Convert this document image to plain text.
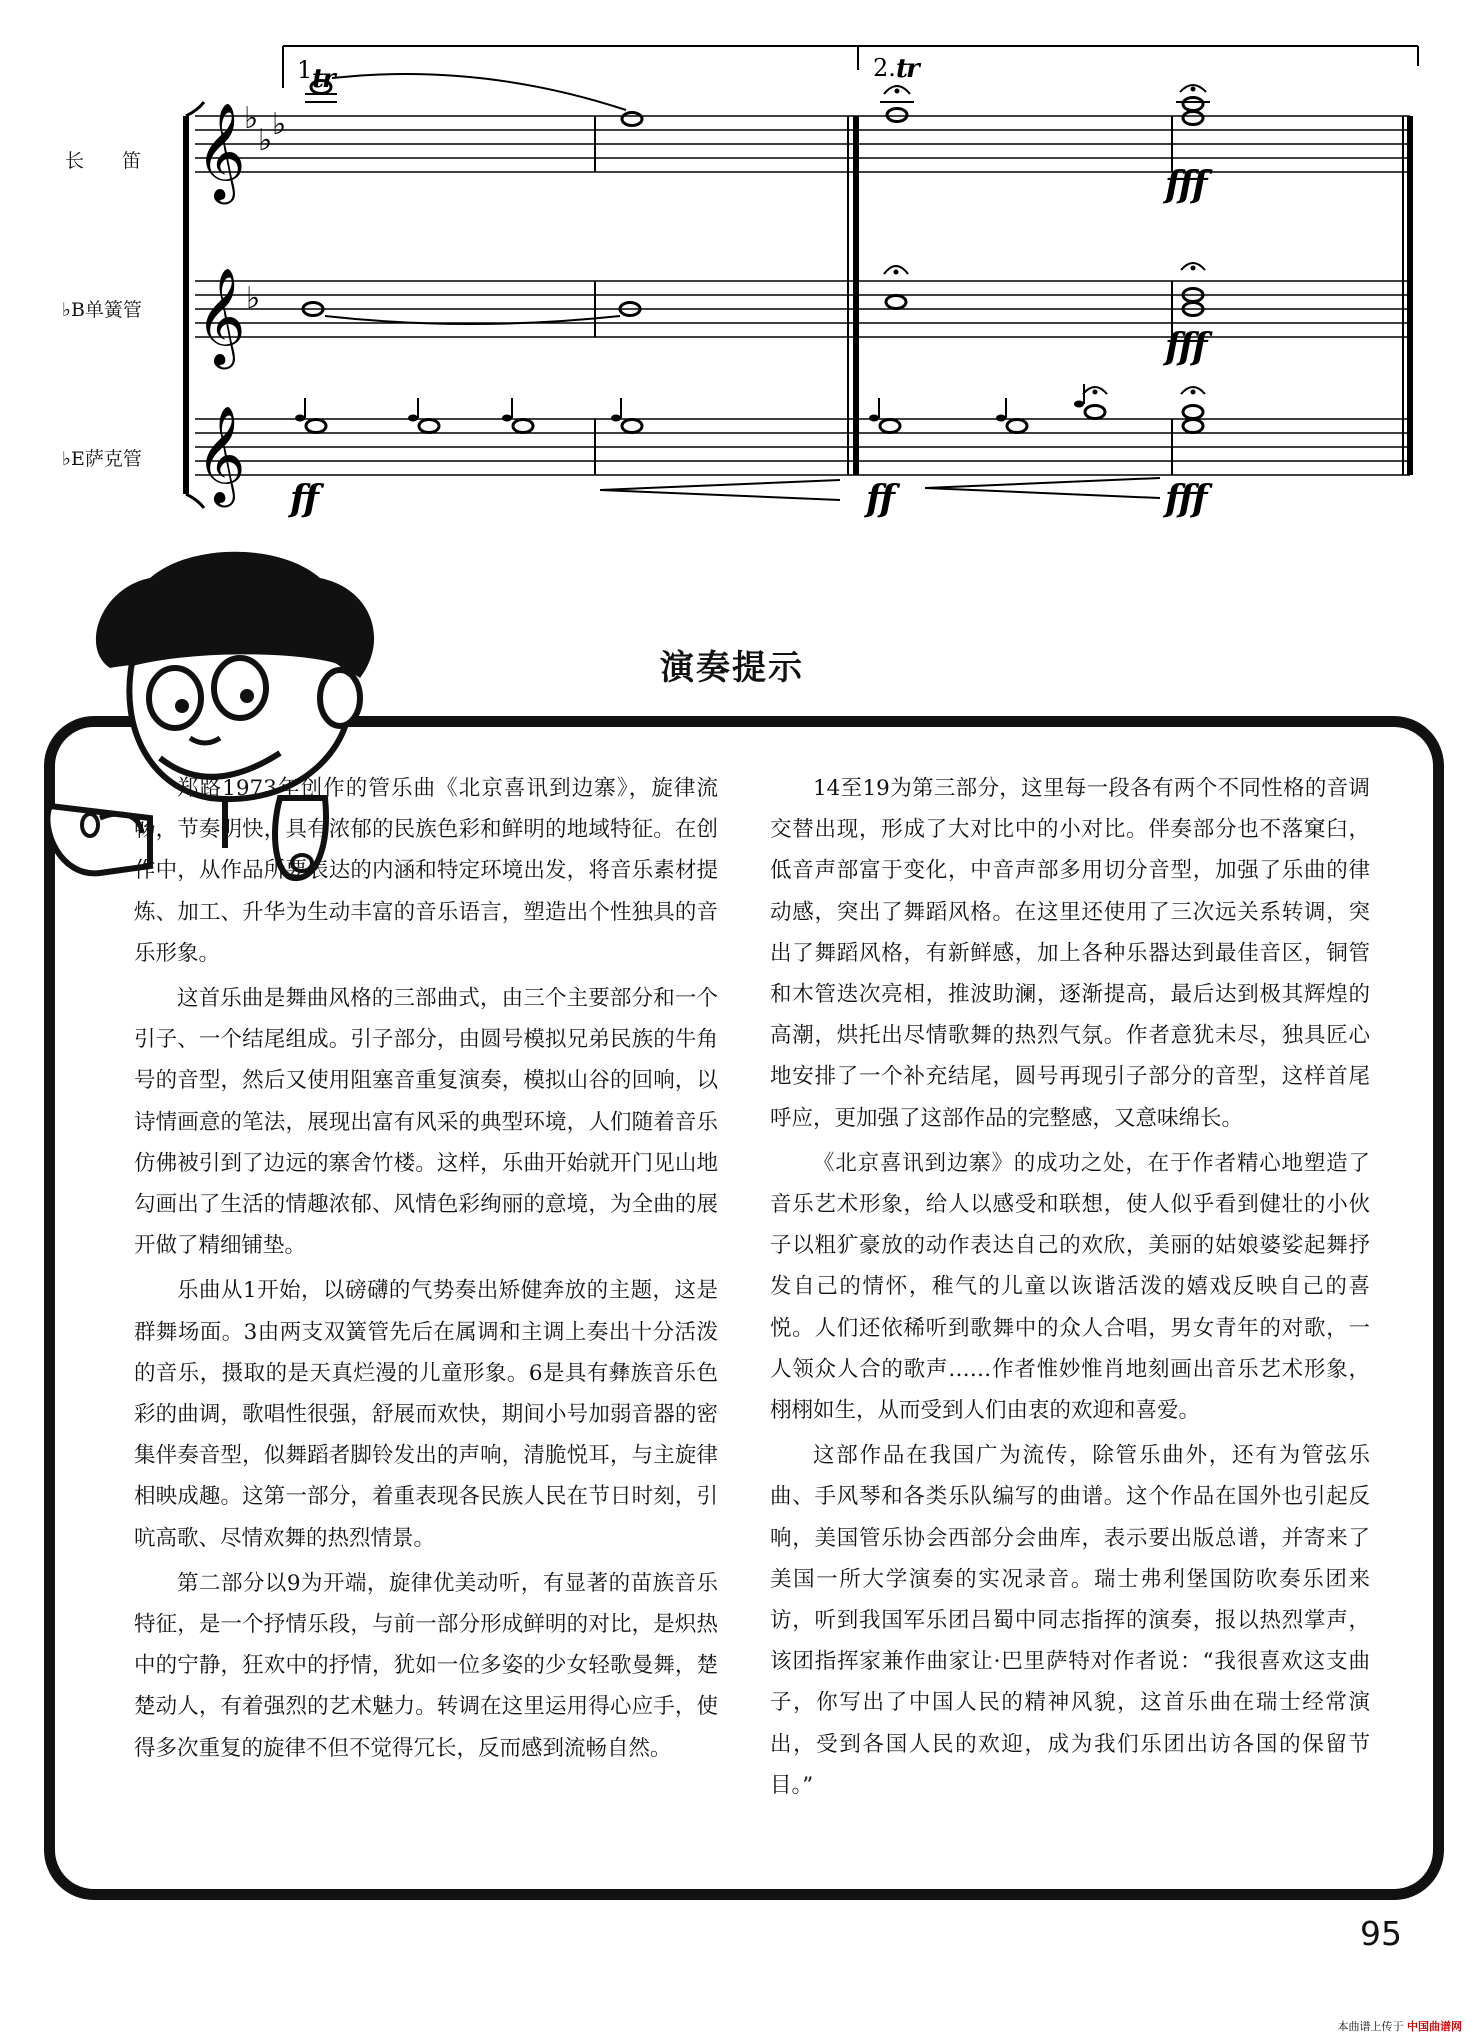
𝄞
𝄞
𝄞
♭
♭ ♭
♭
1.	2.
tr	tr
长　　笛
♭B单簧管
♭E萨克管
fff
fff
ff	ff	fff
演奏提示

郑路1973年创作的管乐曲《北京喜讯到边寨》，旋律流畅，节奏明快，具有浓郁的民族色彩和鲜明的地域特征。在创作中，从作品所要表达的内涵和特定环境出发，将音乐素材提炼、加工、升华为生动丰富的音乐语言，塑造出个性独具的音乐形象。

这首乐曲是舞曲风格的三部曲式，由三个主要部分和一个引子、一个结尾组成。引子部分，由圆号模拟兄弟民族的牛角号的音型，然后又使用阻塞音重复演奏，模拟山谷的回响，以诗情画意的笔法，展现出富有风采的典型环境，人们随着音乐仿佛被引到了边远的寨舍竹楼。这样，乐曲开始就开门见山地勾画出了生活的情趣浓郁、风情色彩绚丽的意境，为全曲的展开做了精细铺垫。

乐曲从1开始，以磅礴的气势奏出矫健奔放的主题，这是群舞场面。3由两支双簧管先后在属调和主调上奏出十分活泼的音乐，摄取的是天真烂漫的儿童形象。6是具有彝族音乐色彩的曲调，歌唱性很强，舒展而欢快，期间小号加弱音器的密集伴奏音型，似舞蹈者脚铃发出的声响，清脆悦耳，与主旋律相映成趣。这第一部分，着重表现各民族人民在节日时刻，引吭高歌、尽情欢舞的热烈情景。

第二部分以9为开端，旋律优美动听，有显著的苗族音乐特征，是一个抒情乐段，与前一部分形成鲜明的对比，是炽热中的宁静，狂欢中的抒情，犹如一位多姿的少女轻歌曼舞，楚楚动人，有着强烈的艺术魅力。转调在这里运用得心应手，使得多次重复的旋律不但不觉得冗长，反而感到流畅自然。

14至19为第三部分，这里每一段各有两个不同性格的音调交替出现，形成了大对比中的小对比。伴奏部分也不落窠臼，低音声部富于变化，中音声部多用切分音型，加强了乐曲的律动感，突出了舞蹈风格。在这里还使用了三次远关系转调，突出了舞蹈风格，有新鲜感，加上各种乐器达到最佳音区，铜管和木管迭次亮相，推波助澜，逐渐提高，最后达到极其辉煌的高潮，烘托出尽情歌舞的热烈气氛。作者意犹未尽，独具匠心地安排了一个补充结尾，圆号再现引子部分的音型，这样首尾呼应，更加强了这部作品的完整感，又意味绵长。

《北京喜讯到边寨》的成功之处，在于作者精心地塑造了音乐艺术形象，给人以感受和联想，使人似乎看到健壮的小伙子以粗犷豪放的动作表达自己的欢欣，美丽的姑娘婆娑起舞抒发自己的情怀，稚气的儿童以诙谐活泼的嬉戏反映自己的喜悦。人们还依稀听到歌舞中的众人合唱，男女青年的对歌，一人领众人合的歌声……作者惟妙惟肖地刻画出音乐艺术形象，栩栩如生，从而受到人们由衷的欢迎和喜爱。

这部作品在我国广为流传，除管乐曲外，还有为管弦乐曲、手风琴和各类乐队编写的曲谱。这个作品在国外也引起反响，美国管乐协会西部分会曲库，表示要出版总谱，并寄来了美国一所大学演奏的实况录音。瑞士弗利堡国防吹奏乐团来访，听到我国军乐团吕蜀中同志指挥的演奏，报以热烈掌声，该团指挥家兼作曲家让·巴里萨特对作者说：“我很喜欢这支曲子，你写出了中国人民的精神风貌，这首乐曲在瑞士经常演出，受到各国人民的欢迎，成为我们乐团出访各国的保留节目。”

95
本曲谱上传于 中国曲谱网
